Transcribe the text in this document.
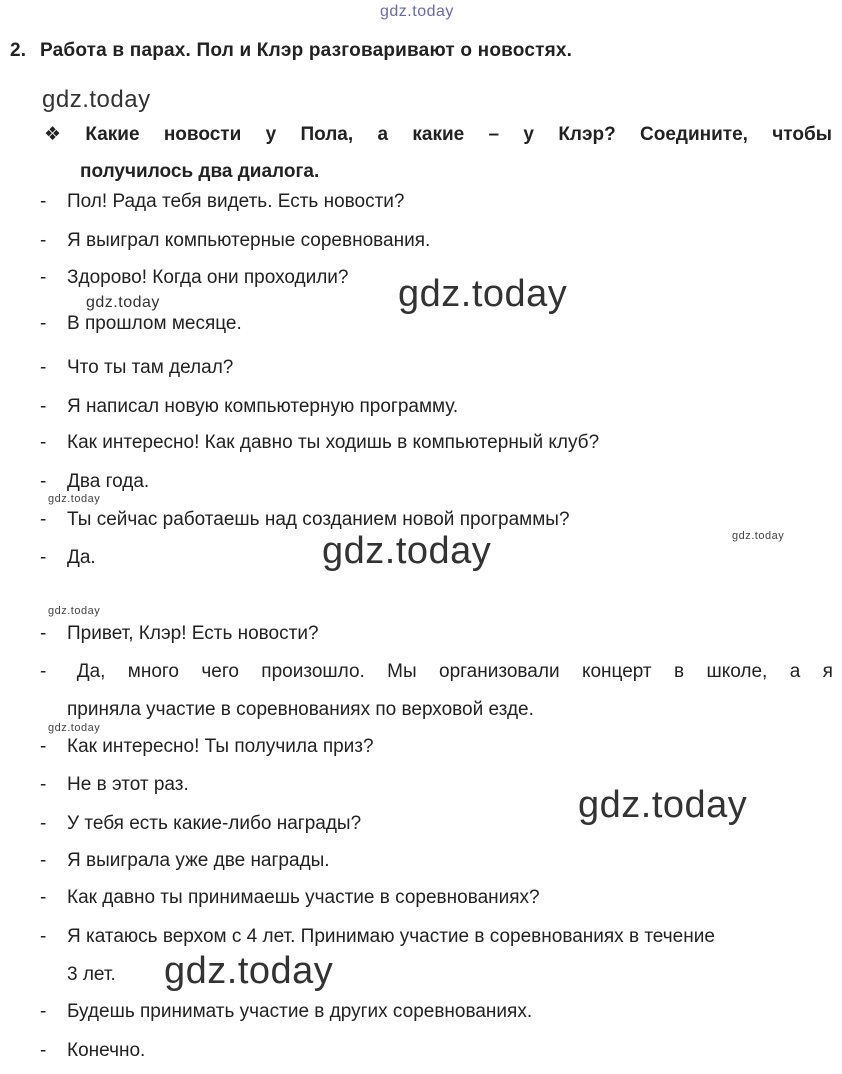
gdz.today
gdz.today
gdz.today	gdz.today
gdz.today
gdz.today
gdz.today
gdz.today
gdz.today
gdz.today
gdz.today
2. Работа в парах. Пол и Клэр разговаривают о новостях.
❖ Какие новости у Пола, а какие – у Клэр? Соедините, чтобы
получилось два диалога.
- Пол! Рада тебя видеть. Есть новости?
- Я выиграл компьютерные соревнования.
- Здорово! Когда они проходили?
- В прошлом месяце.
- Что ты там делал?
- Я написал новую компьютерную программу.
- Как интересно! Как давно ты ходишь в компьютерный клуб?
- Два года.
- Ты сейчас работаешь над созданием новой программы?
- Да.
- Привет, Клэр! Есть новости?
- Да, много чего произошло. Мы организовали концерт в школе, а я
приняла участие в соревнованиях по верховой езде.
- Как интересно! Ты получила приз?
- Не в этот раз.
- У тебя есть какие-либо награды?
- Я выиграла уже две награды.
- Как давно ты принимаешь участие в соревнованиях?
- Я катаюсь верхом с 4 лет. Принимаю участие в соревнованиях в течение
3 лет.
- Будешь принимать участие в других соревнованиях.
- Конечно.
